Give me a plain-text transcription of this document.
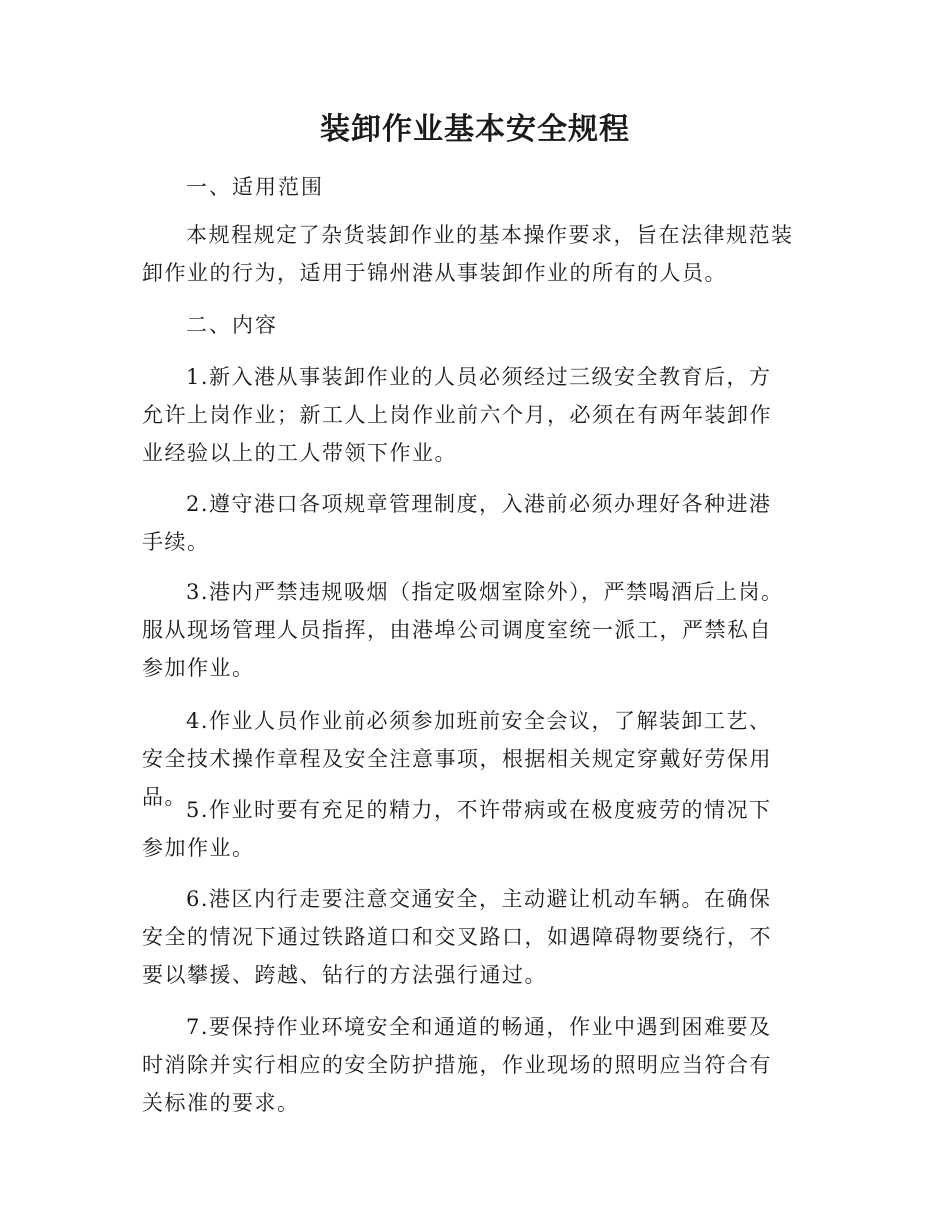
装卸作业基本安全规程

一、适用范围

本规程规定了杂货装卸作业的基本操作要求，旨在法律规范装卸作业的行为，适用于锦州港从事装卸作业的所有的人员。

二、内容

1.新入港从事装卸作业的人员必须经过三级安全教育后，方允许上岗作业；新工人上岗作业前六个月，必须在有两年装卸作业经验以上的工人带领下作业。

2.遵守港口各项规章管理制度，入港前必须办理好各种进港手续。

3.港内严禁违规吸烟（指定吸烟室除外），严禁喝酒后上岗。服从现场管理人员指挥，由港埠公司调度室统一派工，严禁私自参加作业。

4.作业人员作业前必须参加班前安全会议，了解装卸工艺、安全技术操作章程及安全注意事项，根据相关规定穿戴好劳保用品。

5.作业时要有充足的精力，不许带病或在极度疲劳的情况下参加作业。

6.港区内行走要注意交通安全，主动避让机动车辆。在确保安全的情况下通过铁路道口和交叉路口，如遇障碍物要绕行，不要以攀援、跨越、钻行的方法强行通过。

7.要保持作业环境安全和通道的畅通，作业中遇到困难要及时消除并实行相应的安全防护措施，作业现场的照明应当符合有关标准的要求。
